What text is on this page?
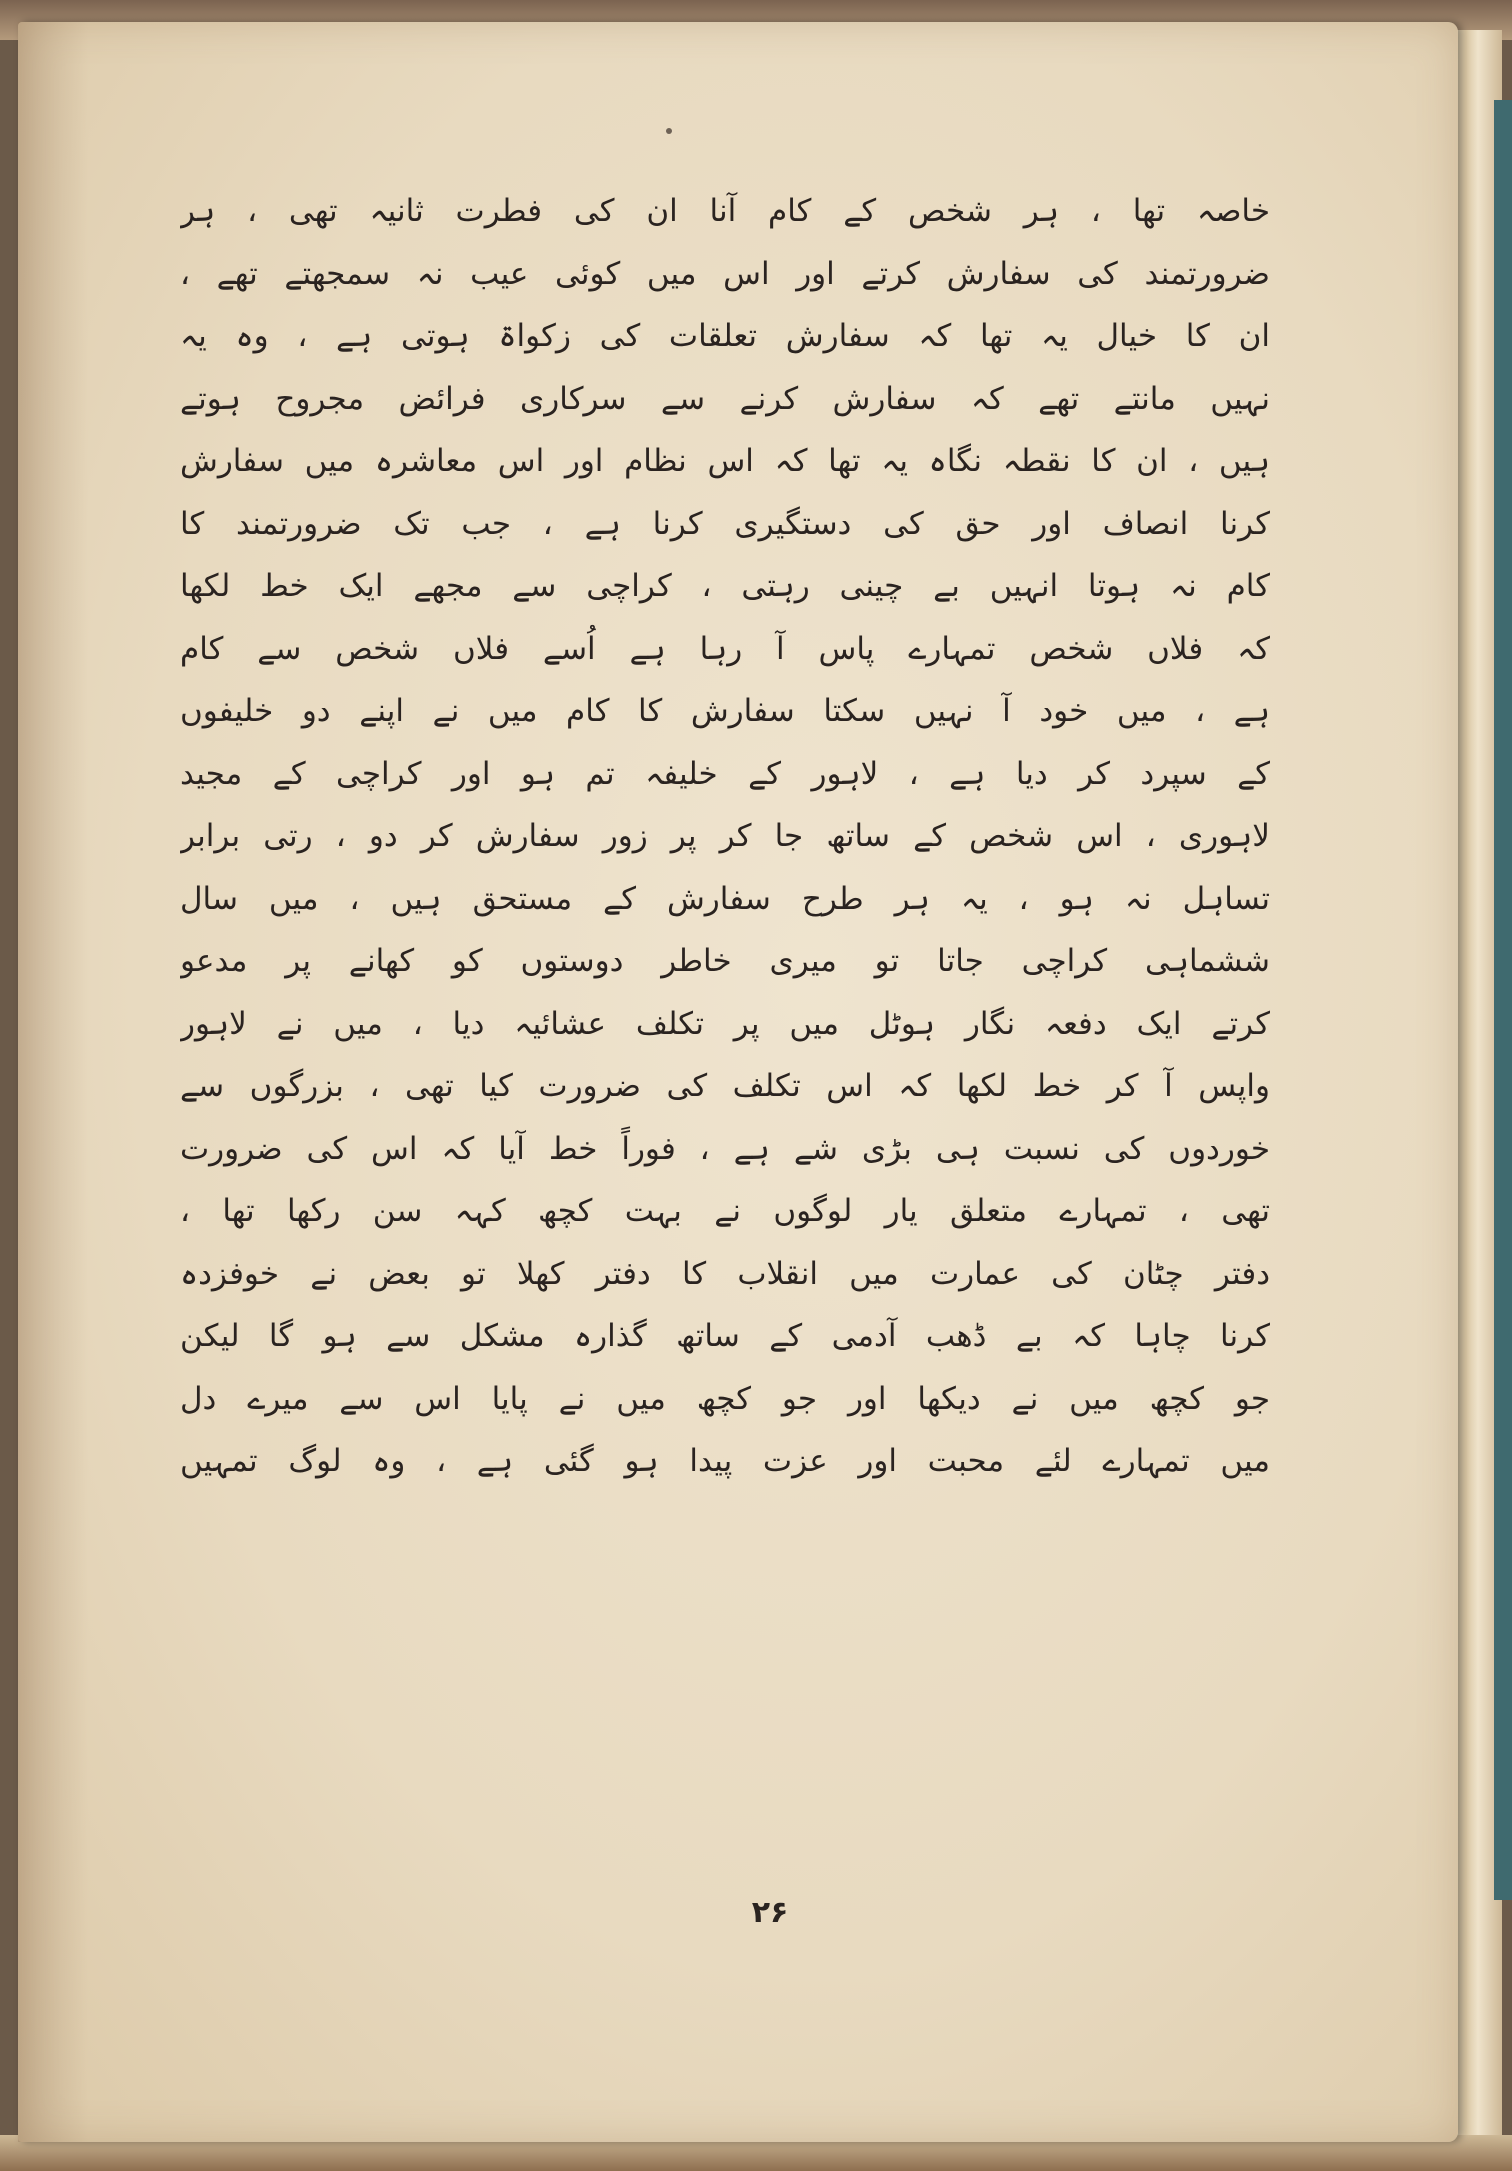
خاصہ تھا ، ہر شخص کے کام آنا ان کی فطرت ثانیہ تھی ، ہر
ضرورتمند کی سفارش کرتے اور اس میں کوئی عیب نہ سمجھتے تھے ،
ان کا خیال یہ تھا کہ سفارش تعلقات کی زکواۃ ہوتی ہے ، وہ یہ
نہیں مانتے تھے کہ سفارش کرنے سے سرکاری فرائض مجروح ہوتے
ہیں ، ان کا نقطہ نگاہ یہ تھا کہ اس نظام اور اس معاشرہ میں سفارش
کرنا انصاف اور حق کی دستگیری کرنا ہے ، جب تک ضرورتمند کا
کام نہ ہوتا انہیں بے چینی رہتی ، کراچی سے مجھے ایک خط لکھا
کہ فلاں شخص تمہارے پاس آ رہا ہے اُسے فلاں شخص سے کام
ہے ، میں خود آ نہیں سکتا سفارش کا کام میں نے اپنے دو خلیفوں
کے سپرد کر دیا ہے ، لاہور کے خلیفہ تم ہو اور کراچی کے مجید
لاہوری ، اس شخص کے ساتھ جا کر پر زور سفارش کر دو ، رتی برابر
تساہل نہ ہو ، یہ ہر طرح سفارش کے مستحق ہیں ، میں سال
ششماہی کراچی جاتا تو میری خاطر دوستوں کو کھانے پر مدعو
کرتے ایک دفعہ نگار ہوٹل میں پر تکلف عشائیہ دیا ، میں نے لاہور
واپس آ کر خط لکھا کہ اس تکلف کی ضرورت کیا تھی ، بزرگوں سے
خوردوں کی نسبت ہی بڑی شے ہے ، فوراً خط آیا کہ اس کی ضرورت
تھی ، تمہارے متعلق یار لوگوں نے بہت کچھ کہہ سن رکھا تھا ،
دفتر چٹان کی عمارت میں انقلاب کا دفتر کھلا تو بعض نے خوفزدہ
کرنا چاہا کہ بے ڈھب آدمی کے ساتھ گذارہ مشکل سے ہو گا لیکن
جو کچھ میں نے دیکھا اور جو کچھ میں نے پایا اس سے میرے دل
میں تمہارے لئے محبت اور عزت پیدا ہو گئی ہے ، وہ لوگ تمہیں
۲۶
